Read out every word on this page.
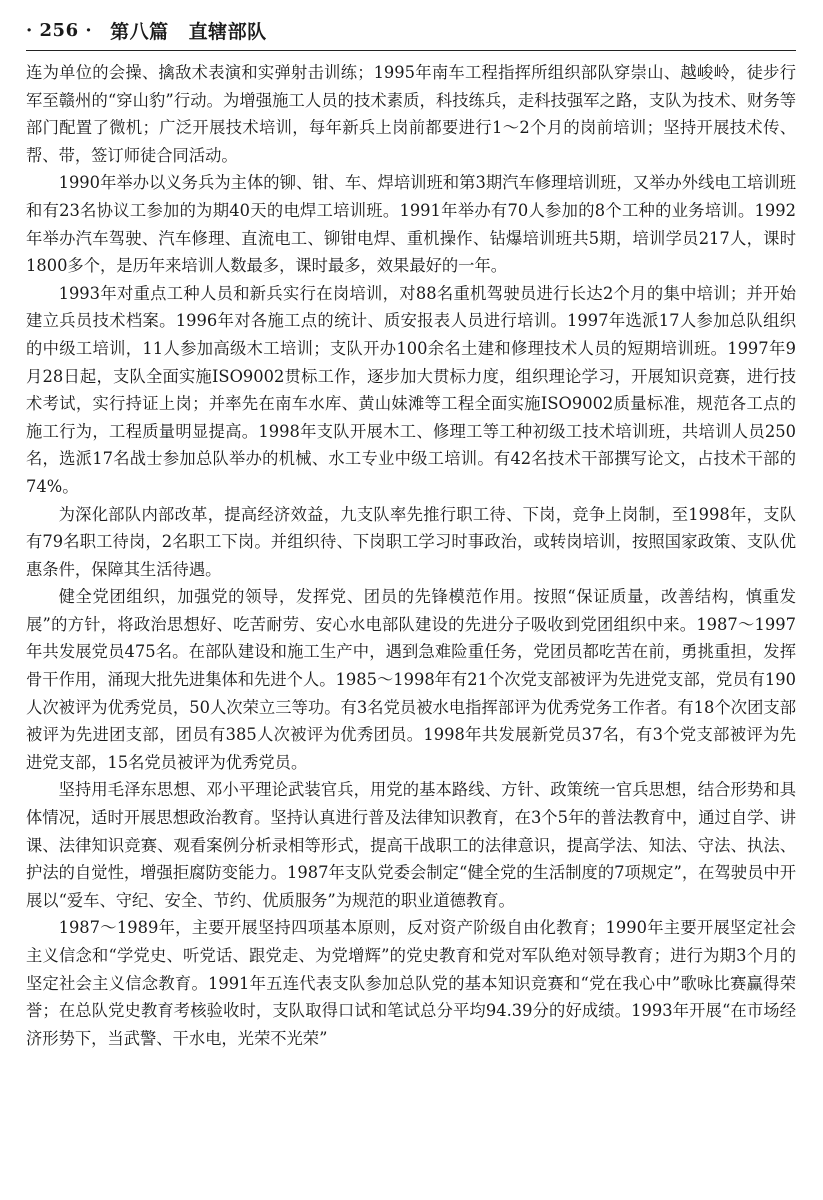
· 256 · 第八篇 直辖部队

连为单位的会操、擒敌术表演和实弹射击训练；1995年南车工程指挥所组织部队穿崇山、越峻岭，徒步行军至赣州的“穿山豹”行动。为增强施工人员的技术素质，科技练兵，走科技强军之路，支队为技术、财务等部门配置了微机；广泛开展技术培训，每年新兵上岗前都要进行1～2个月的岗前培训；坚持开展技术传、帮、带，签订师徒合同活动。

1990年举办以义务兵为主体的铆、钳、车、焊培训班和第3期汽车修理培训班，又举办外线电工培训班和有23名协议工参加的为期40天的电焊工培训班。1991年举办有70人参加的8个工种的业务培训。1992年举办汽车驾驶、汽车修理、直流电工、铆钳电焊、重机操作、钻爆培训班共5期，培训学员217人，课时1800多个，是历年来培训人数最多，课时最多，效果最好的一年。

1993年对重点工种人员和新兵实行在岗培训，对88名重机驾驶员进行长达2个月的集中培训；并开始建立兵员技术档案。1996年对各施工点的统计、质安报表人员进行培训。1997年选派17人参加总队组织的中级工培训，11人参加高级木工培训；支队开办100余名土建和修理技术人员的短期培训班。1997年9月28日起，支队全面实施ISO9002贯标工作，逐步加大贯标力度，组织理论学习，开展知识竞赛，进行技术考试，实行持证上岗；并率先在南车水库、黄山妹滩等工程全面实施ISO9002质量标准，规范各工点的施工行为，工程质量明显提高。1998年支队开展木工、修理工等工种初级工技术培训班，共培训人员250名，选派17名战士参加总队举办的机械、水工专业中级工培训。有42名技术干部撰写论文，占技术干部的74%。

为深化部队内部改革，提高经济效益，九支队率先推行职工待、下岗，竞争上岗制，至1998年，支队有79名职工待岗，2名职工下岗。并组织待、下岗职工学习时事政治，或转岗培训，按照国家政策、支队优惠条件，保障其生活待遇。

健全党团组织，加强党的领导，发挥党、团员的先锋模范作用。按照“保证质量，改善结构，慎重发展”的方针，将政治思想好、吃苦耐劳、安心水电部队建设的先进分子吸收到党团组织中来。1987～1997年共发展党员475名。在部队建设和施工生产中，遇到急难险重任务，党团员都吃苦在前，勇挑重担，发挥骨干作用，涌现大批先进集体和先进个人。1985～1998年有21个次党支部被评为先进党支部，党员有190人次被评为优秀党员，50人次荣立三等功。有3名党员被水电指挥部评为优秀党务工作者。有18个次团支部被评为先进团支部，团员有385人次被评为优秀团员。1998年共发展新党员37名，有3个党支部被评为先进党支部，15名党员被评为优秀党员。

坚持用毛泽东思想、邓小平理论武装官兵，用党的基本路线、方针、政策统一官兵思想，结合形势和具体情况，适时开展思想政治教育。坚持认真进行普及法律知识教育，在3个5年的普法教育中，通过自学、讲课、法律知识竞赛、观看案例分析录相等形式，提高干战职工的法律意识，提高学法、知法、守法、执法、护法的自觉性，增强拒腐防变能力。1987年支队党委会制定“健全党的生活制度的7项规定”，在驾驶员中开展以“爱车、守纪、安全、节约、优质服务”为规范的职业道德教育。

1987～1989年，主要开展坚持四项基本原则，反对资产阶级自由化教育；1990年主要开展坚定社会主义信念和“学党史、听党话、跟党走、为党增辉”的党史教育和党对军队绝对领导教育；进行为期3个月的坚定社会主义信念教育。1991年五连代表支队参加总队党的基本知识竞赛和“党在我心中”歌咏比赛赢得荣誉；在总队党史教育考核验收时，支队取得口试和笔试总分平均94.39分的好成绩。1993年开展“在市场经济形势下，当武警、干水电，光荣不光荣”
